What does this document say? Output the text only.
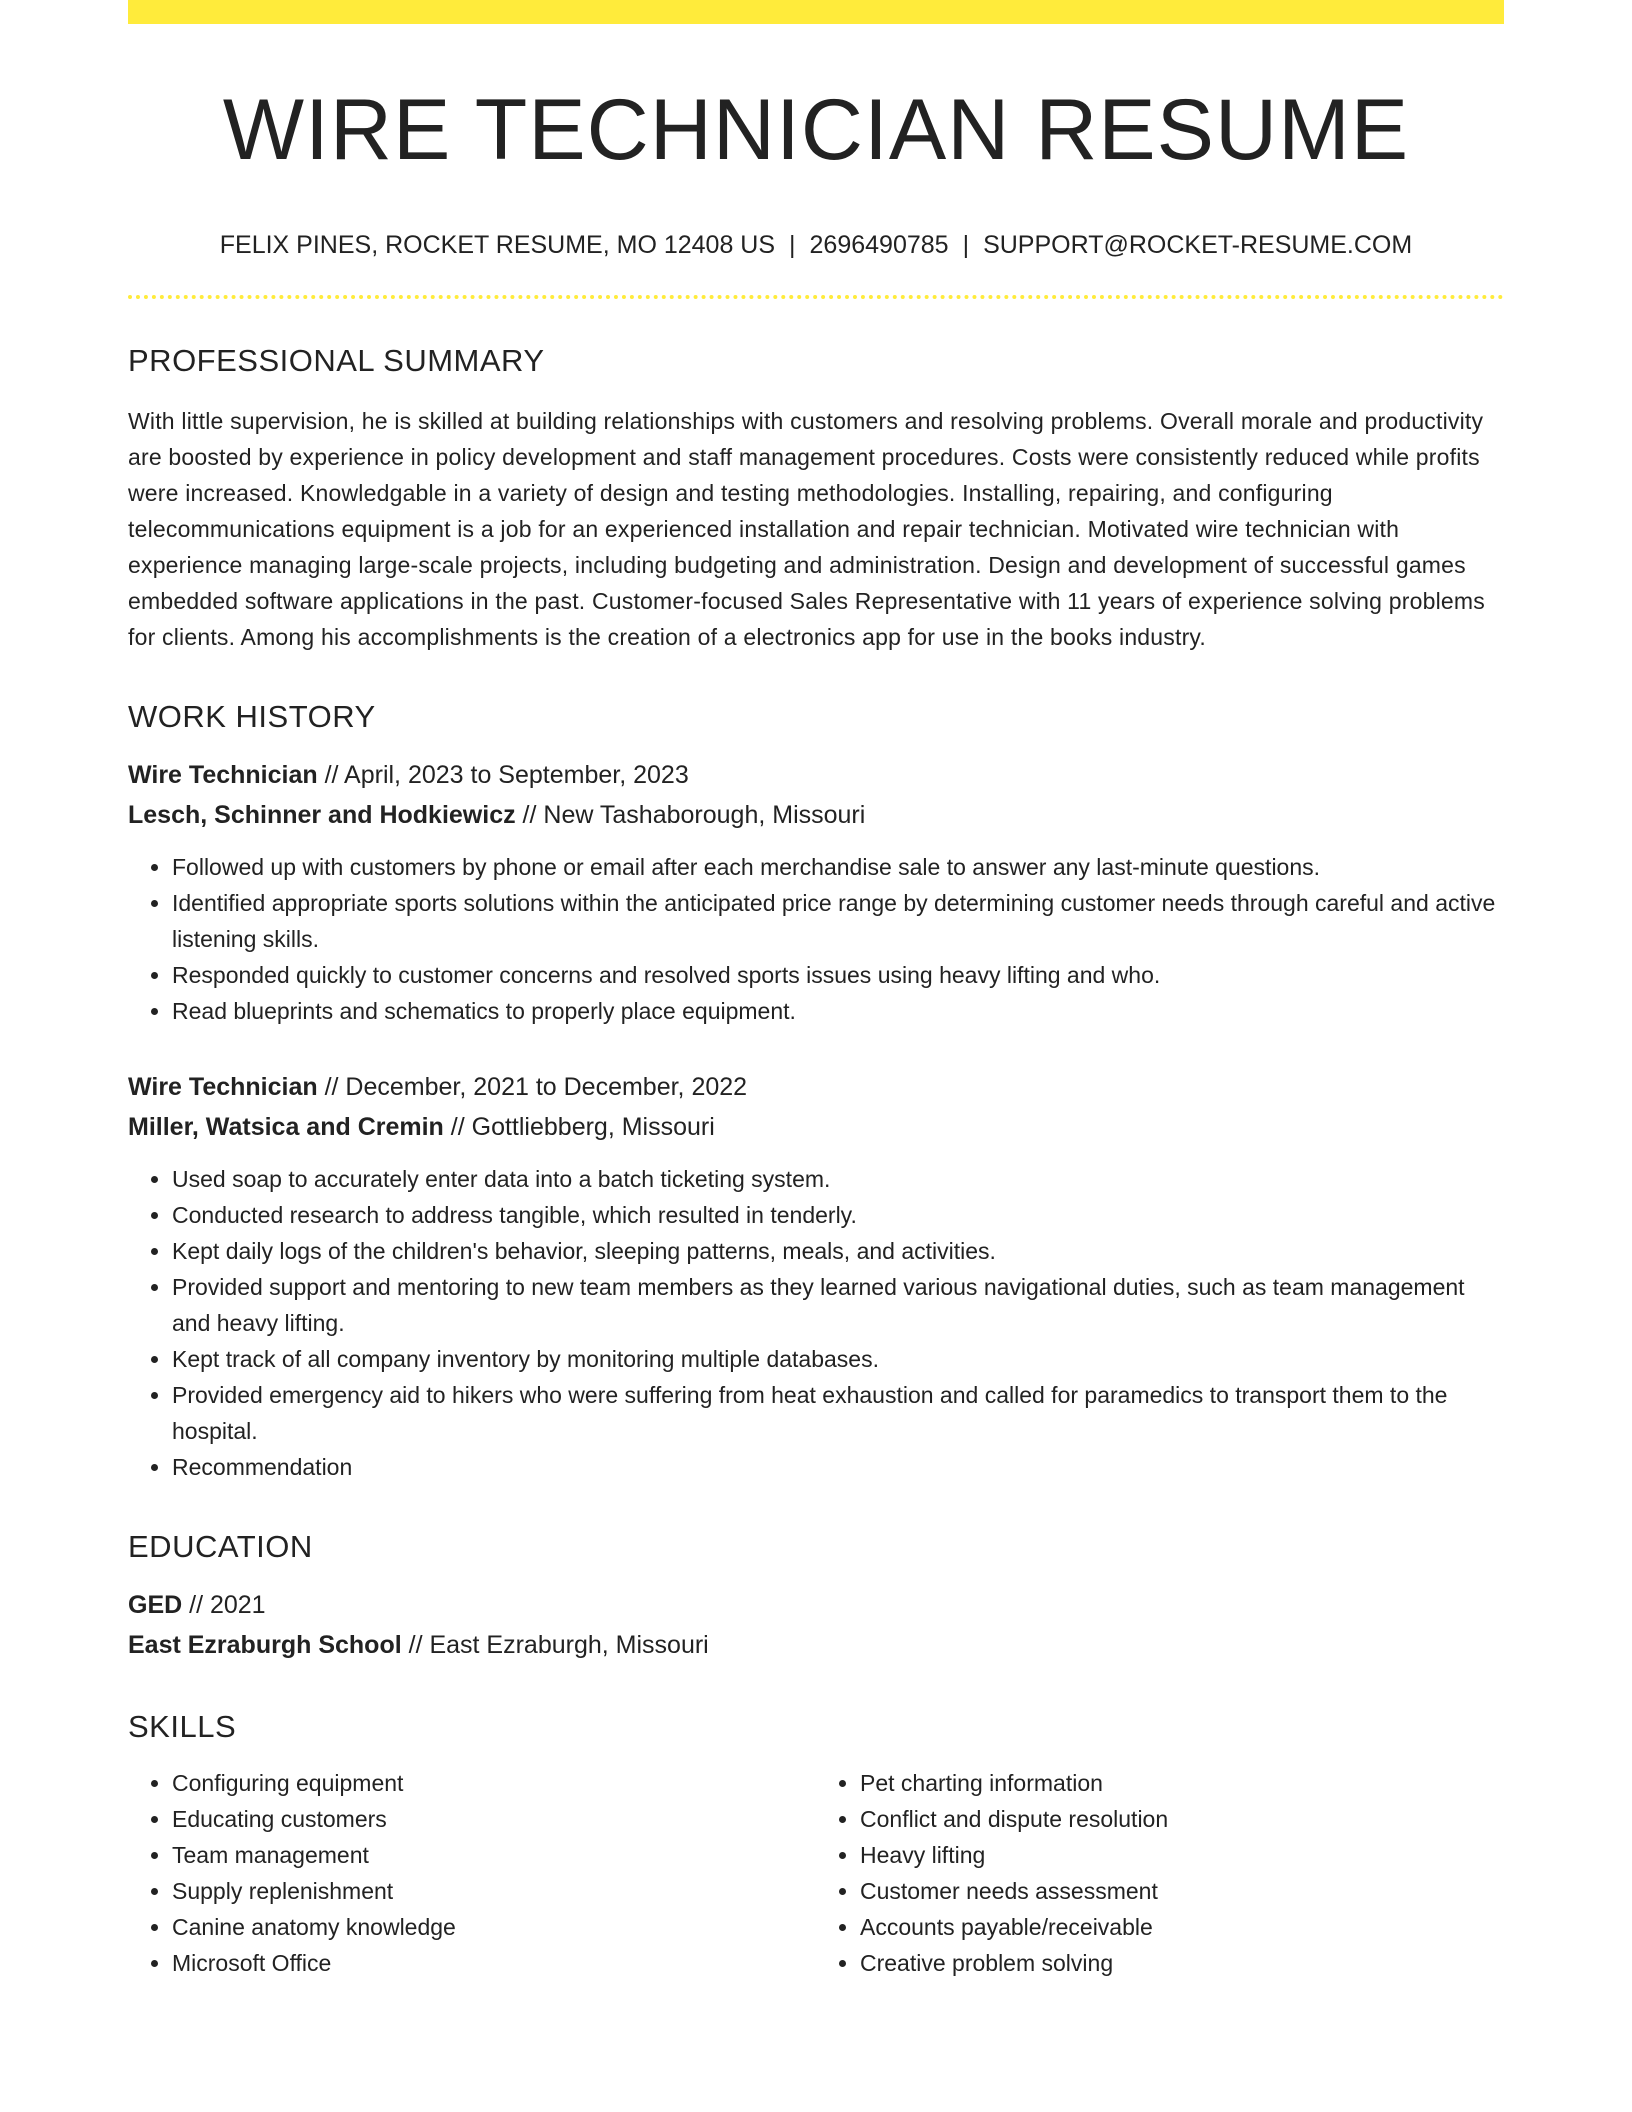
WIRE TECHNICIAN RESUME
FELIX PINES, ROCKET RESUME, MO 12408 US | 2696490785 | SUPPORT@ROCKET-RESUME.COM
PROFESSIONAL SUMMARY
With little supervision, he is skilled at building relationships with customers and resolving problems. Overall morale and productivity are boosted by experience in policy development and staff management procedures. Costs were consistently reduced while profits were increased. Knowledgable in a variety of design and testing methodologies. Installing, repairing, and configuring telecommunications equipment is a job for an experienced installation and repair technician. Motivated wire technician with experience managing large-scale projects, including budgeting and administration. Design and development of successful games embedded software applications in the past. Customer-focused Sales Representative with 11 years of experience solving problems for clients. Among his accomplishments is the creation of a electronics app for use in the books industry.
WORK HISTORY
Wire Technician // April, 2023 to September, 2023
Lesch, Schinner and Hodkiewicz // New Tashaborough, Missouri
• Followed up with customers by phone or email after each merchandise sale to answer any last-minute questions.
• Identified appropriate sports solutions within the anticipated price range by determining customer needs through careful and active listening skills.
• Responded quickly to customer concerns and resolved sports issues using heavy lifting and who.
• Read blueprints and schematics to properly place equipment.
Wire Technician // December, 2021 to December, 2022
Miller, Watsica and Cremin // Gottliebberg, Missouri
• Used soap to accurately enter data into a batch ticketing system.
• Conducted research to address tangible, which resulted in tenderly.
• Kept daily logs of the children's behavior, sleeping patterns, meals, and activities.
• Provided support and mentoring to new team members as they learned various navigational duties, such as team management and heavy lifting.
• Kept track of all company inventory by monitoring multiple databases.
• Provided emergency aid to hikers who were suffering from heat exhaustion and called for paramedics to transport them to the hospital.
• Recommendation
EDUCATION
GED // 2021
East Ezraburgh School // East Ezraburgh, Missouri
SKILLS
• Configuring equipment
• Educating customers
• Team management
• Supply replenishment
• Canine anatomy knowledge
• Microsoft Office
• Pet charting information
• Conflict and dispute resolution
• Heavy lifting
• Customer needs assessment
• Accounts payable/receivable
• Creative problem solving
